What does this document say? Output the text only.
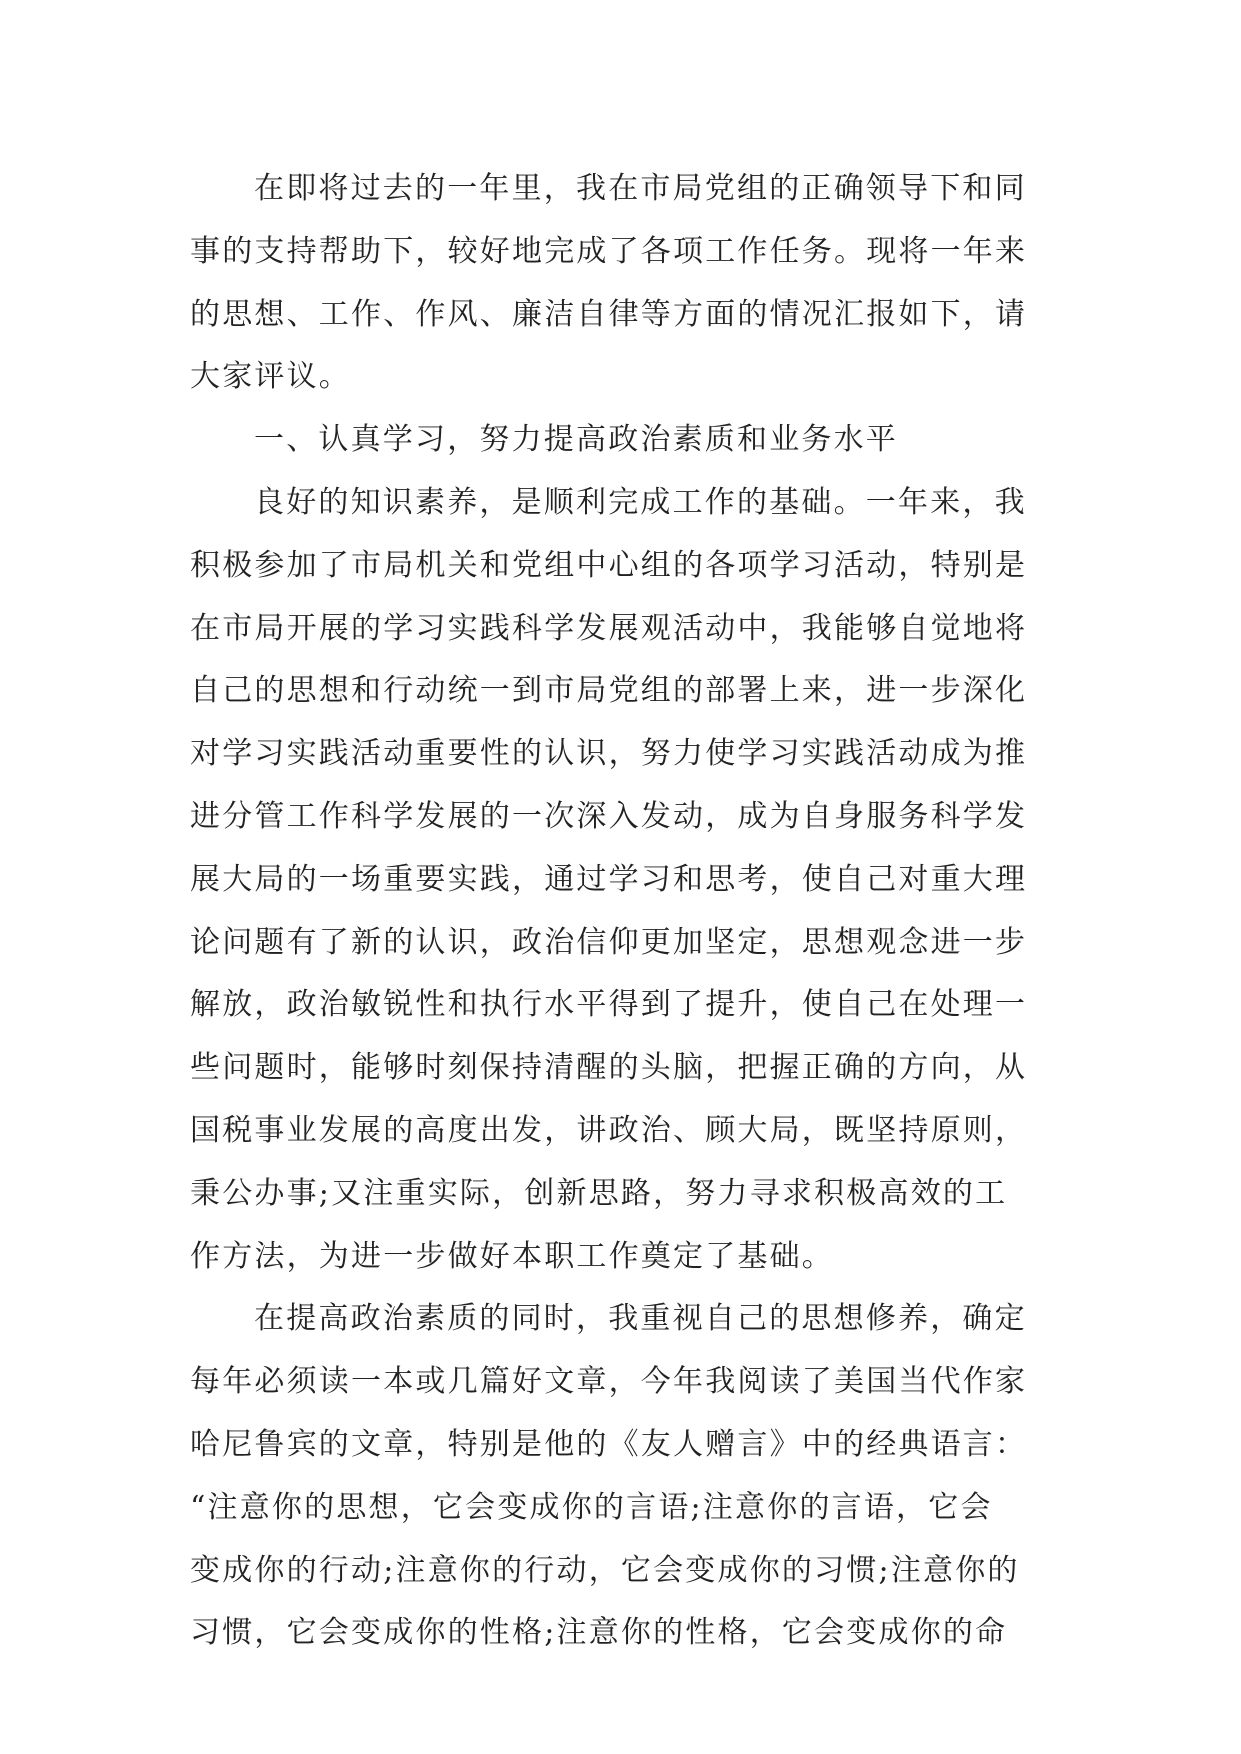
在即将过去的一年里，我在市局党组的正确领导下和同
事的支持帮助下，较好地完成了各项工作任务。现将一年来
的思想、工作、作风、廉洁自律等方面的情况汇报如下，请
大家评议。
一、认真学习，努力提高政治素质和业务水平
良好的知识素养，是顺利完成工作的基础。一年来，我
积极参加了市局机关和党组中心组的各项学习活动，特别是
在市局开展的学习实践科学发展观活动中，我能够自觉地将
自己的思想和行动统一到市局党组的部署上来，进一步深化
对学习实践活动重要性的认识，努力使学习实践活动成为推
进分管工作科学发展的一次深入发动，成为自身服务科学发
展大局的一场重要实践，通过学习和思考，使自己对重大理
论问题有了新的认识，政治信仰更加坚定，思想观念进一步
解放，政治敏锐性和执行水平得到了提升，使自己在处理一
些问题时，能够时刻保持清醒的头脑，把握正确的方向，从
国税事业发展的高度出发，讲政治、顾大局，既坚持原则，
秉公办事;又注重实际，创新思路，努力寻求积极高效的工
作方法，为进一步做好本职工作奠定了基础。
在提高政治素质的同时，我重视自己的思想修养，确定
每年必须读一本或几篇好文章，今年我阅读了美国当代作家
哈尼鲁宾的文章，特别是他的《友人赠言》中的经典语言：
“注意你的思想，它会变成你的言语;注意你的言语，它会
变成你的行动;注意你的行动，它会变成你的习惯;注意你的
习惯，它会变成你的性格;注意你的性格，它会变成你的命
